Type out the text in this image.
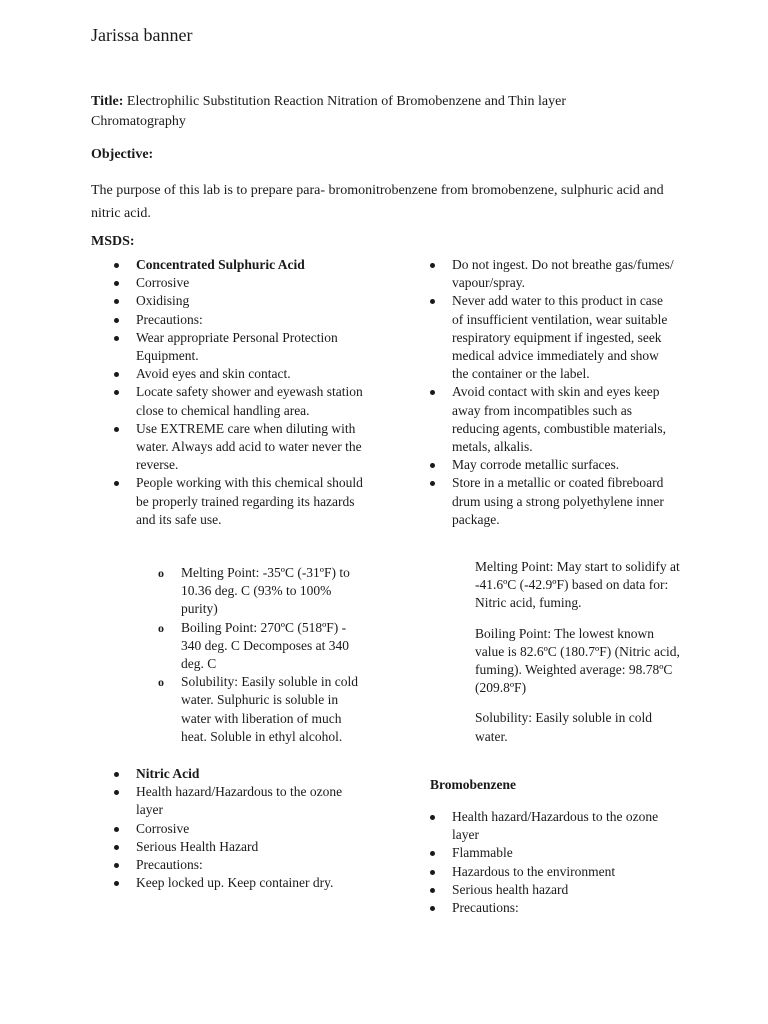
Jarissa banner
Title: Electrophilic Substitution Reaction Nitration of Bromobenzene and Thin layer Chromatography
Objective:
The purpose of this lab is to prepare para- bromonitrobenzene from bromobenzene, sulphuric acid and nitric acid.
MSDS:
Concentrated Sulphuric Acid
Corrosive
Oxidising
Precautions:
Wear appropriate Personal Protection Equipment.
Avoid eyes and skin contact.
Locate safety shower and eyewash station close to chemical handling area.
Use EXTREME care when diluting with water. Always add acid to water never the reverse.
People working with this chemical should be properly trained regarding its hazards and its safe use.
o Melting Point: -35ºC (-31ºF) to 10.36 deg. C (93% to 100% purity)
o Boiling Point: 270ºC (518ºF) - 340 deg. C Decomposes at 340 deg. C
o Solubility: Easily soluble in cold water. Sulphuric is soluble in water with liberation of much heat. Soluble in ethyl alcohol.
Nitric Acid
Health hazard/Hazardous to the ozone layer
Corrosive
Serious Health Hazard
Precautions:
Keep locked up. Keep container dry.
Do not ingest. Do not breathe gas/fumes/ vapour/spray.
Never add water to this product in case of insufficient ventilation, wear suitable respiratory equipment if ingested, seek medical advice immediately and show the container or the label.
Avoid contact with skin and eyes keep away from incompatibles such as reducing agents, combustible materials, metals, alkalis.
May corrode metallic surfaces.
Store in a metallic or coated fibreboard drum using a strong polyethylene inner package.

Melting Point: May start to solidify at -41.6ºC (-42.9ºF) based on data for: Nitric acid, fuming.

Boiling Point: The lowest known value is 82.6ºC (180.7ºF) (Nitric acid, fuming). Weighted average: 98.78ºC (209.8ºF)

Solubility: Easily soluble in cold water.

Bromobenzene
Health hazard/Hazardous to the ozone layer
Flammable
Hazardous to the environment
Serious health hazard
Precautions:
